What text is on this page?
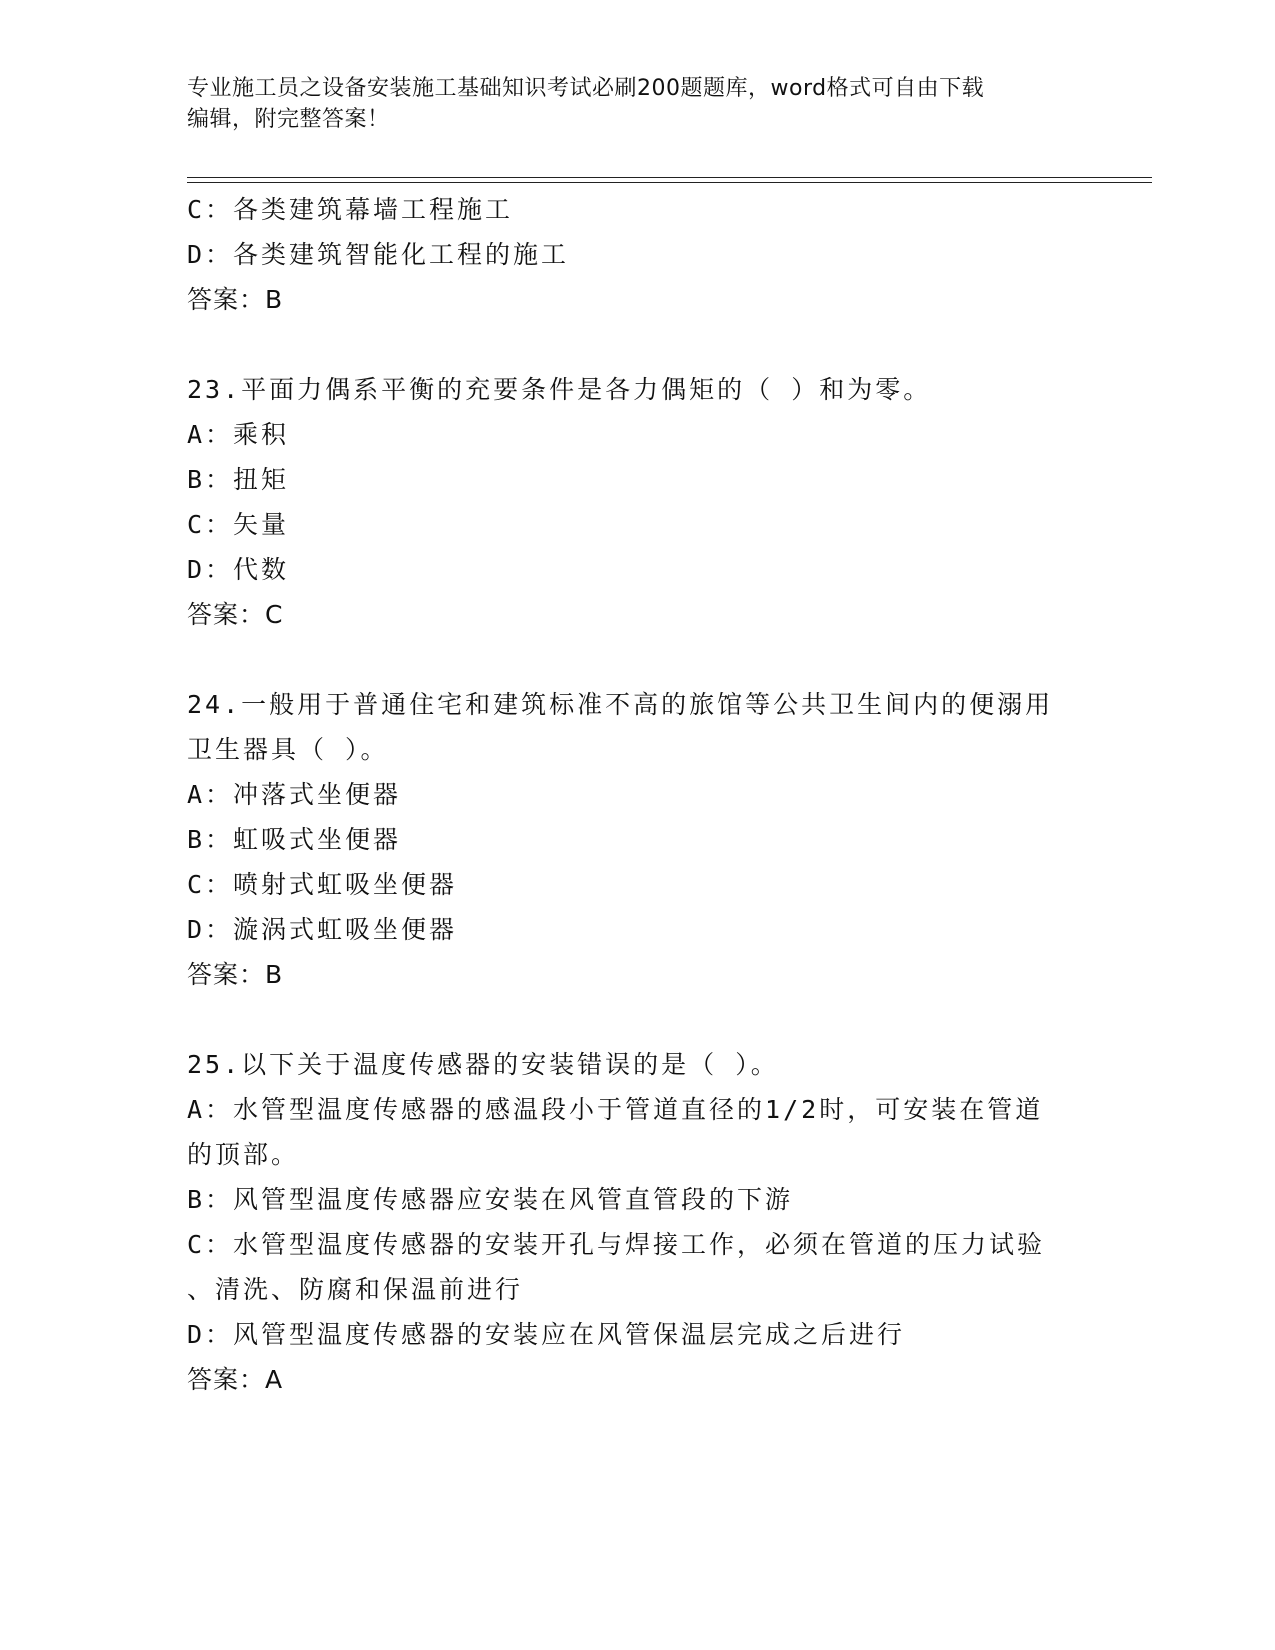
专业施工员之设备安装施工基础知识考试必刷200题题库，word格式可自由下载
编辑，附完整答案！
C：各类建筑幕墙工程施工
D：各类建筑智能化工程的施工
答案：B
23.平面力偶系平衡的充要条件是各力偶矩的（ ）和为零。
A：乘积
B：扭矩
C：矢量
D：代数
答案：C
24.一般用于普通住宅和建筑标准不高的旅馆等公共卫生间内的便溺用
卫生器具（ ）。
A：冲落式坐便器
B：虹吸式坐便器
C：喷射式虹吸坐便器
D：漩涡式虹吸坐便器
答案：B
25.以下关于温度传感器的安装错误的是（ ）。
A：水管型温度传感器的感温段小于管道直径的1/2时，可安装在管道
的顶部。
B：风管型温度传感器应安装在风管直管段的下游
C：水管型温度传感器的安装开孔与焊接工作，必须在管道的压力试验
、清洗、防腐和保温前进行
D：风管型温度传感器的安装应在风管保温层完成之后进行
答案：A
